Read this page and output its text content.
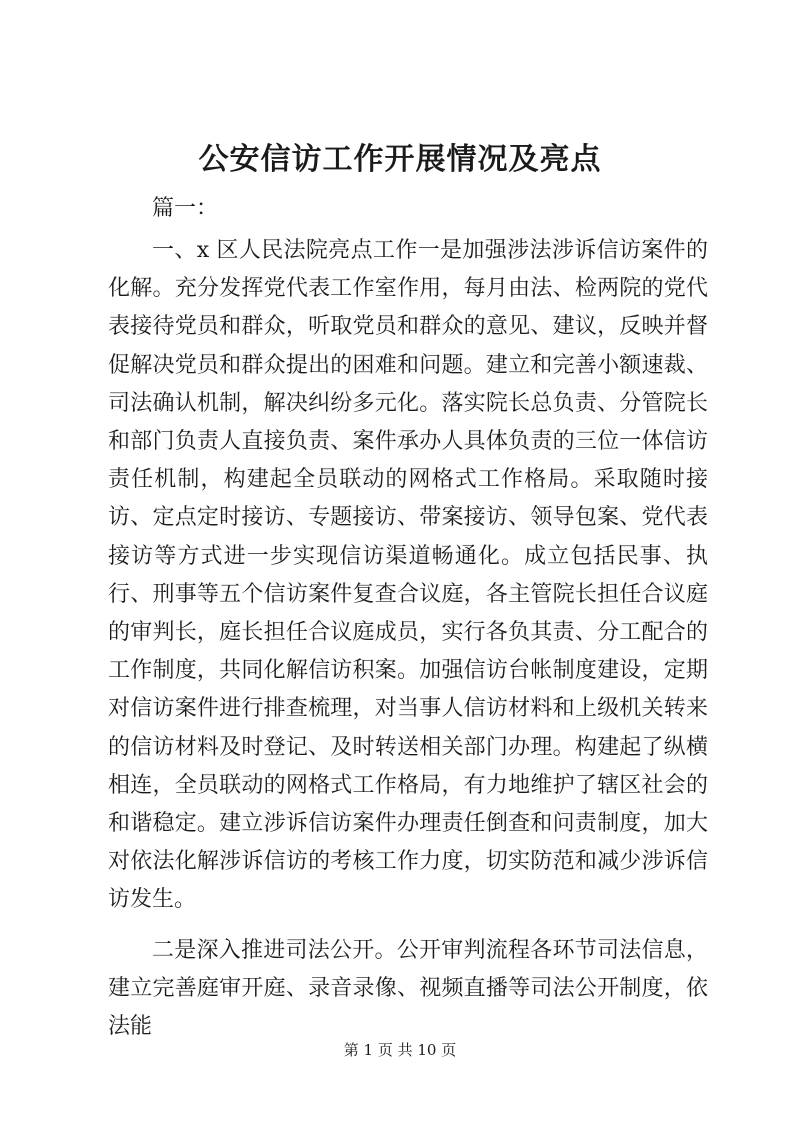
公安信访工作开展情况及亮点

篇一：

一、x 区人民法院亮点工作一是加强涉法涉诉信访案件的化解。充分发挥党代表工作室作用，每月由法、检两院的党代表接待党员和群众，听取党员和群众的意见、建议，反映并督促解决党员和群众提出的困难和问题。建立和完善小额速裁、司法确认机制，解决纠纷多元化。落实院长总负责、分管院长和部门负责人直接负责、案件承办人具体负责的三位一体信访责任机制，构建起全员联动的网格式工作格局。采取随时接访、定点定时接访、专题接访、带案接访、领导包案、党代表接访等方式进一步实现信访渠道畅通化。成立包括民事、执行、刑事等五个信访案件复查合议庭，各主管院长担任合议庭的审判长，庭长担任合议庭成员，实行各负其责、分工配合的工作制度，共同化解信访积案。加强信访台帐制度建设，定期对信访案件进行排查梳理，对当事人信访材料和上级机关转来的信访材料及时登记、及时转送相关部门办理。构建起了纵横相连，全员联动的网格式工作格局，有力地维护了辖区社会的和谐稳定。建立涉诉信访案件办理责任倒查和问责制度，加大对依法化解涉诉信访的考核工作力度，切实防范和减少涉诉信访发生。

二是深入推进司法公开。公开审判流程各环节司法信息，建立完善庭审开庭、录音录像、视频直播等司法公开制度，依法能

第 1 页 共 10 页
